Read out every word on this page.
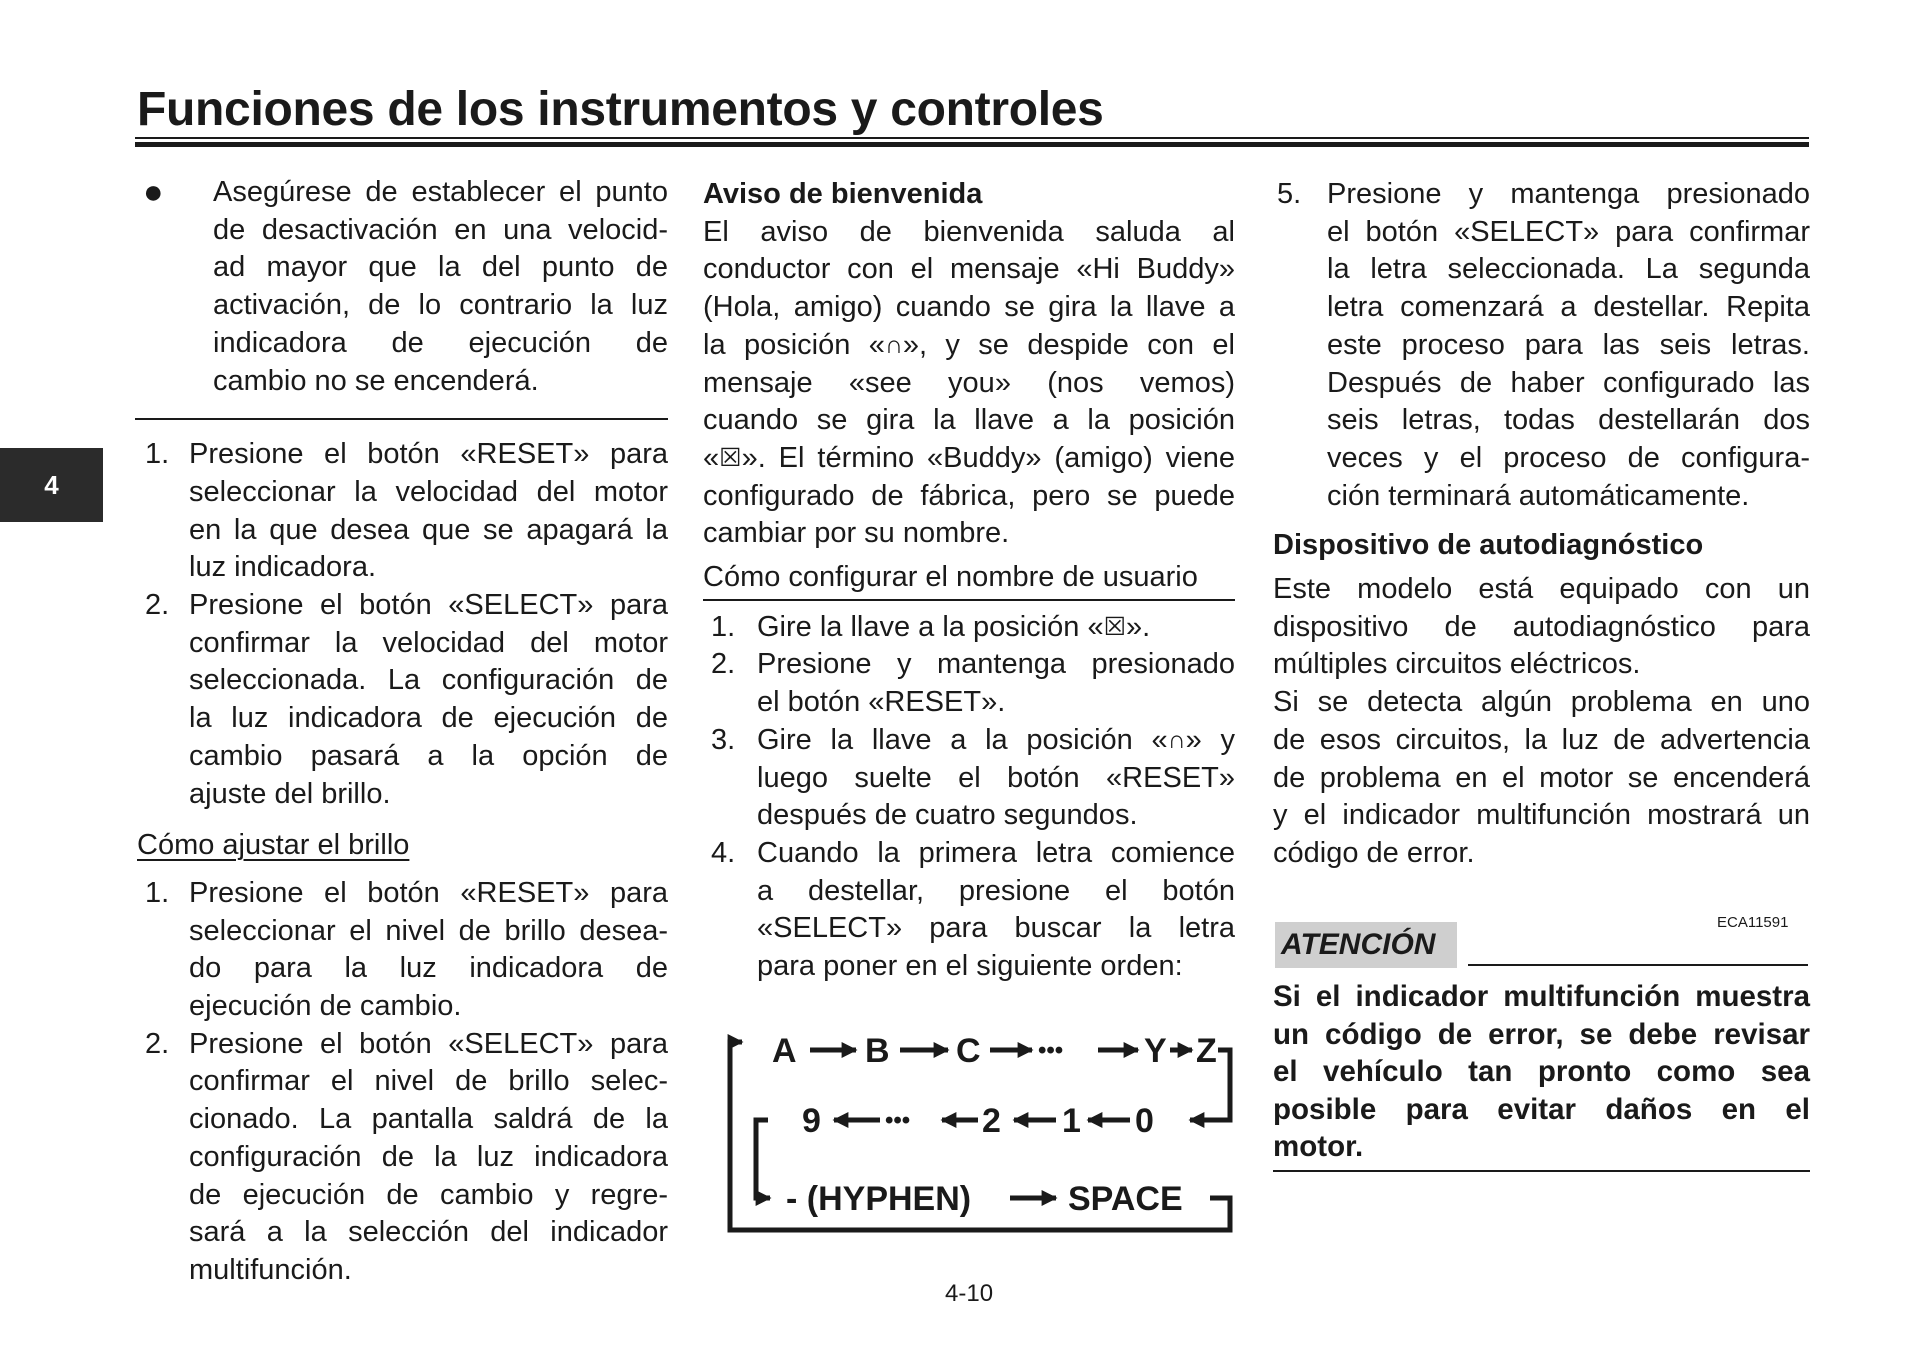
Funciones de los instrumentos y controles
4
●	Asegúrese de establecer el punto

de desactivación en una velocid-

ad mayor que la del punto de

activación, de lo contrario la luz

indicadora de ejecución de

cambio no se encenderá.

1. Presione el botón «RESET» para

seleccionar la velocidad del motor

en la que desea que se apagará la

luz indicadora.

2. Presione el botón «SELECT» para

confirmar la velocidad del motor

seleccionada. La configuración de

la luz indicadora de ejecución de

cambio pasará a la opción de

ajuste del brillo.

Cómo ajustar el brillo

1. Presione el botón «RESET» para

seleccionar el nivel de brillo desea-

do para la luz indicadora de

ejecución de cambio.

2. Presione el botón «SELECT» para

confirmar el nivel de brillo selec-

cionado. La pantalla saldrá de la

configuración de la luz indicadora

de ejecución de cambio y regre-

sará a la selección del indicador

multifunción.

Aviso de bienvenida

El aviso de bienvenida saluda al

conductor con el mensaje «Hi Buddy»

(Hola, amigo) cuando se gira la llave a

la posición «∩», y se despide con el

mensaje «see you» (nos vemos)

cuando se gira la llave a la posición

«☒». El término «Buddy» (amigo) viene

configurado de fábrica, pero se puede

cambiar por su nombre.

Cómo configurar el nombre de usuario

1. Gire la llave a la posición «☒».

2. Presione y mantenga presionado

el botón «RESET».

3. Gire la llave a la posición «∩» y

luego suelte el botón «RESET»

después de cuatro segundos.

4. Cuando la primera letra comience

a destellar, presione el botón

«SELECT» para buscar la letra

para poner en el siguiente orden:

A B C ••• Y Z
9	••• 2 1 0
- (HYPHEN)	SPACE
5. Presione y mantenga presionado

el botón «SELECT» para confirmar

la letra seleccionada. La segunda

letra comenzará a destellar. Repita

este proceso para las seis letras.

Después de haber configurado las

seis letras, todas destellarán dos

veces y el proceso de configura-

ción terminará automáticamente.

Dispositivo de autodiagnóstico

Este modelo está equipado con un

dispositivo de autodiagnóstico para

múltiples circuitos eléctricos.

Si se detecta algún problema en uno

de esos circuitos, la luz de advertencia

de problema en el motor se encenderá

y el indicador multifunción mostrará un

código de error.

ATENCIÓN
ECA11591

Si el indicador multifunción muestra

un código de error, se debe revisar

el vehículo tan pronto como sea

posible para evitar daños en el

motor.

4-10
